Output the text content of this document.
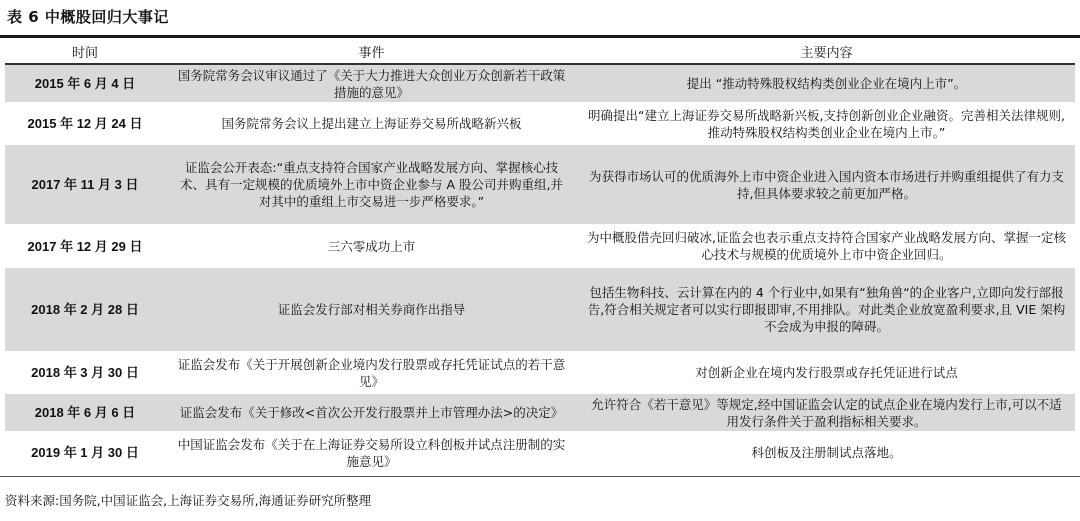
表 6 中概股回归大事记
时间	事件	主要内容
2015 年 6 月 4 日	国务院常务会议审议通过了《关于大力推进大众创业万众创新若干政策措施的意见》	提出 “推动特殊股权结构类创业企业在境内上市”。
2015 年 12 月 24 日	国务院常务会议上提出建立上海证券交易所战略新兴板	明确提出“建立上海证券交易所战略新兴板,支持创新创业企业融资。完善相关法律规则,推动特殊股权结构类创业企业在境内上市。”
2017 年 11 月 3 日	证监会公开表态:“重点支持符合国家产业战略发展方向、掌握核心技术、具有一定规模的优质境外上市中资企业参与 A 股公司并购重组,并对其中的重组上市交易进一步严格要求。”	为获得市场认可的优质海外上市中资企业进入国内资本市场进行并购重组提供了有力支持,但具体要求较之前更加严格。
2017 年 12 月 29 日	三六零成功上市	为中概股借壳回归破冰,证监会也表示重点支持符合国家产业战略发展方向、掌握一定核心技术与规模的优质境外上市中资企业回归。
2018 年 2 月 28 日	证监会发行部对相关券商作出指导	包括生物科技、云计算在内的 4 个行业中,如果有“独角兽“的企业客户,立即向发行部报告,符合相关规定者可以实行即报即审,不用排队。对此类企业放宽盈利要求,且 VIE 架构不会成为申报的障碍。
2018 年 3 月 30 日	证监会发布《关于开展创新企业境内发行股票或存托凭证试点的若干意见》	对创新企业在境内发行股票或存托凭证进行试点
2018 年 6 月 6 日	证监会发布《关于修改<首次公开发行股票并上市管理办法>的决定》	允许符合《若干意见》等规定,经中国证监会认定的试点企业在境内发行上市,可以不适用发行条件关于盈利指标相关要求。
2019 年 1 月 30 日	中国证监会发布《关于在上海证券交易所设立科创板并试点注册制的实施意见》	科创板及注册制试点落地。
资料来源:国务院,中国证监会,上海证券交易所,海通证券研究所整理
